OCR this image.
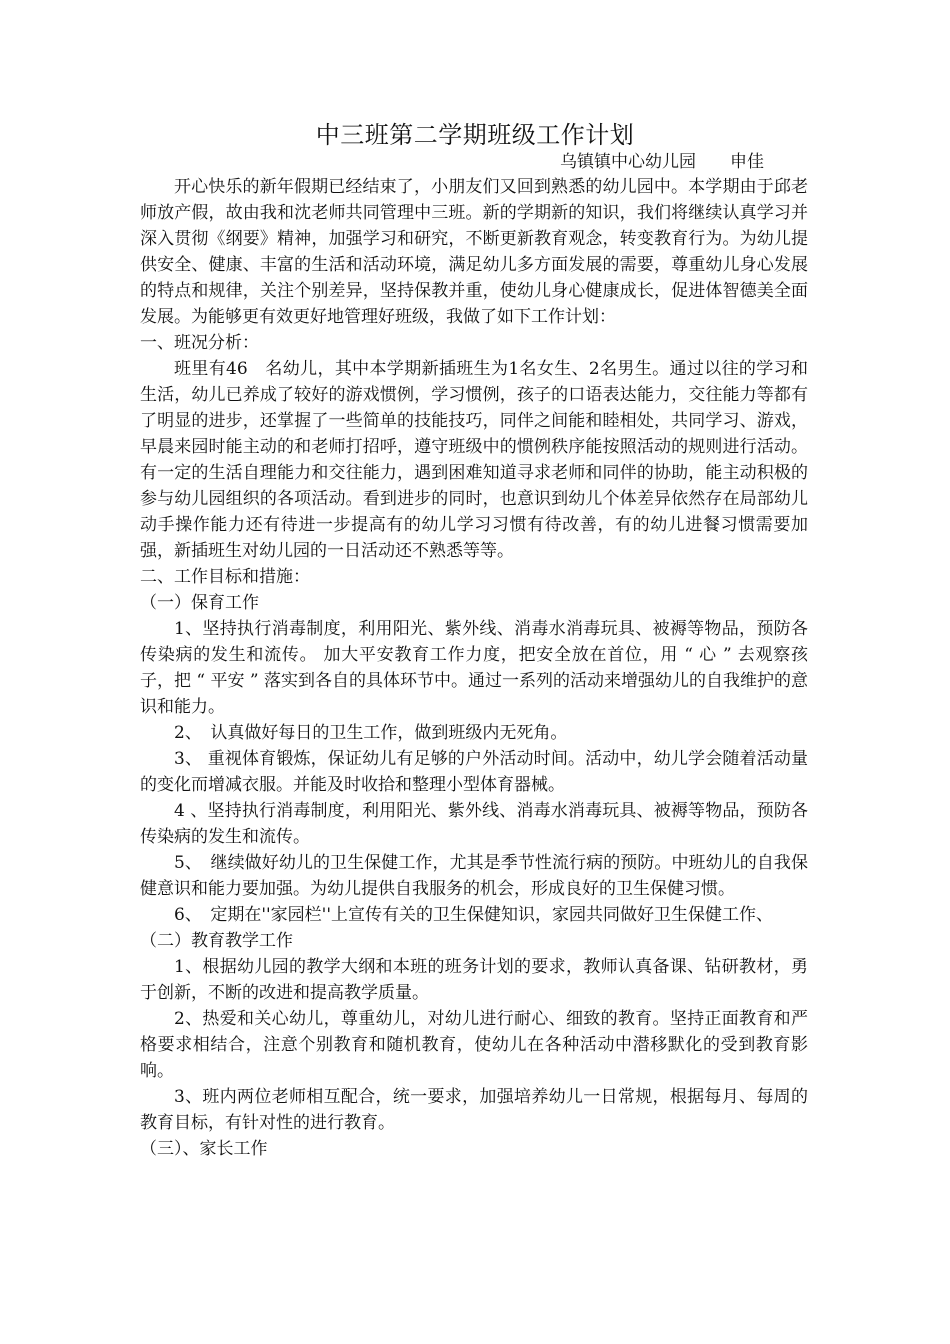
中三班第二学期班级工作计划
乌镇镇中心幼儿园　　申佳

开心快乐的新年假期已经结束了，小朋友们又回到熟悉的幼儿园中。本学期由于邱老师放产假，故由我和沈老师共同管理中三班。新的学期新的知识，我们将继续认真学习并深入贯彻《纲要》精神，加强学习和研究，不断更新教育观念，转变教育行为。为幼儿提供安全、健康、丰富的生活和活动环境，满足幼儿多方面发展的需要，尊重幼儿身心发展的特点和规律，关注个别差异，坚持保教并重，使幼儿身心健康成长，促进体智德美全面发展。为能够更有效更好地管理好班级，我做了如下工作计划：

一、班况分析：

班里有46　名幼儿，其中本学期新插班生为1名女生、2名男生。通过以往的学习和生活，幼儿已养成了较好的游戏惯例，学习惯例，孩子的口语表达能力，交往能力等都有了明显的进步，还掌握了一些简单的技能技巧，同伴之间能和睦相处，共同学习、游戏，早晨来园时能主动的和老师打招呼，遵守班级中的惯例秩序能按照活动的规则进行活动。有一定的生活自理能力和交往能力，遇到困难知道寻求老师和同伴的协助，能主动积极的参与幼儿园组织的各项活动。看到进步的同时，也意识到幼儿个体差异依然存在局部幼儿动手操作能力还有待进一步提高有的幼儿学习习惯有待改善，有的幼儿进餐习惯需要加强，新插班生对幼儿园的一日活动还不熟悉等等。

二、工作目标和措施：

（一）保育工作

1、坚持执行消毒制度，利用阳光、紫外线、消毒水消毒玩具、被褥等物品，预防各传染病的发生和流传。 加大平安教育工作力度，把安全放在首位，用 “ 心 ” 去观察孩子，把 “ 平安 ” 落实到各自的具体环节中。通过一系列的活动来增强幼儿的自我维护的意识和能力。

2、　认真做好每日的卫生工作，做到班级内无死角。

3、 重视体育锻炼，保证幼儿有足够的户外活动时间。活动中，幼儿学会随着活动量的变化而增减衣服。并能及时收拾和整理小型体育器械。

4 、坚持执行消毒制度，利用阳光、紫外线、消毒水消毒玩具、被褥等物品，预防各传染病的发生和流传。

5、　继续做好幼儿的卫生保健工作，尤其是季节性流行病的预防。中班幼儿的自我保健意识和能力要加强。为幼儿提供自我服务的机会，形成良好的卫生保健习惯。

6、　定期在''家园栏''上宣传有关的卫生保健知识，家园共同做好卫生保健工作、

（二）教育教学工作

1、根据幼儿园的教学大纲和本班的班务计划的要求，教师认真备课、钻研教材，勇于创新，不断的改进和提高教学质量。

2、热爱和关心幼儿，尊重幼儿，对幼儿进行耐心、细致的教育。坚持正面教育和严格要求相结合，注意个别教育和随机教育，使幼儿在各种活动中潜移默化的受到教育影响。

3、班内两位老师相互配合，统一要求，加强培养幼儿一日常规，根据每月、每周的教育目标，有针对性的进行教育。

（三）、家长工作
